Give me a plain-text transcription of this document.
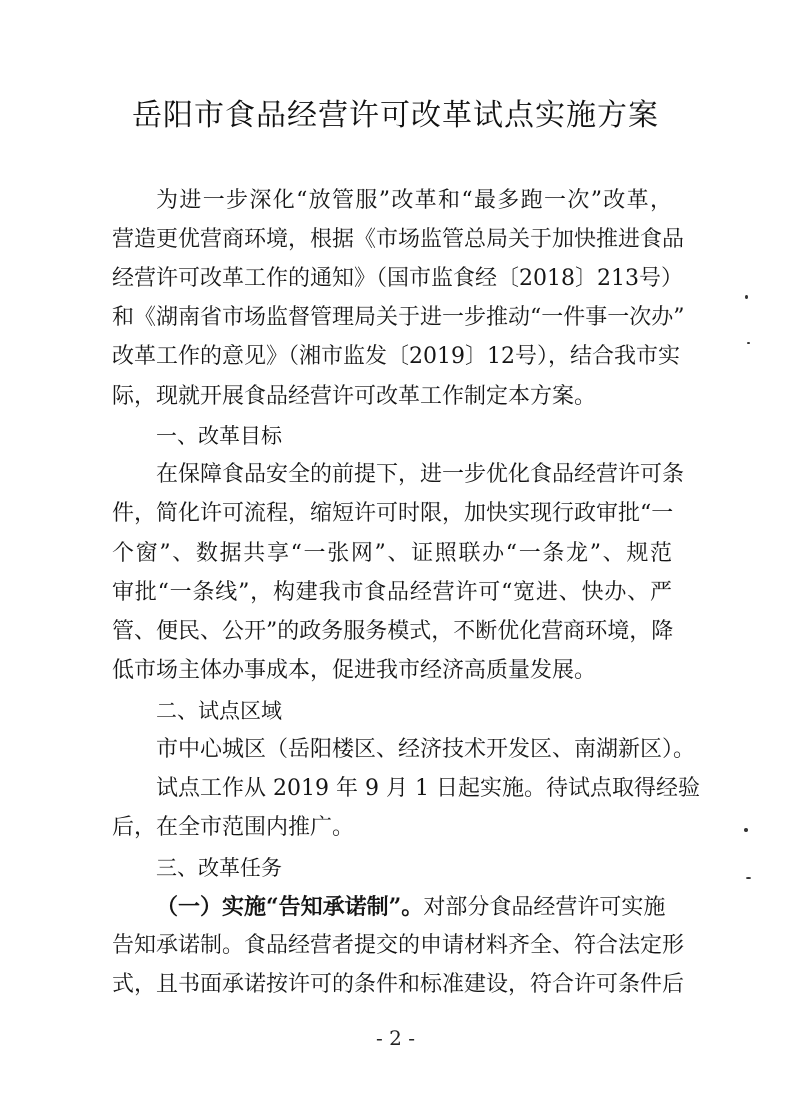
岳阳市食品经营许可改革试点实施方案
为进一步深化“放管服”改革和“最多跑一次”改革，
营造更优营商环境，根据《市场监管总局关于加快推进食品
经营许可改革工作的通知》（国市监食经〔2018〕213号）
和《湖南省市场监督管理局关于进一步推动“一件事一次办”
改革工作的意见》（湘市监发〔2019〕12号），结合我市实
际，现就开展食品经营许可改革工作制定本方案。
一、改革目标
在保障食品安全的前提下，进一步优化食品经营许可条
件，简化许可流程，缩短许可时限，加快实现行政审批“一
个窗”、数据共享“一张网”、证照联办“一条龙”、规范
审批“一条线”，构建我市食品经营许可“宽进、快办、严
管、便民、公开”的政务服务模式，不断优化营商环境，降
低市场主体办事成本，促进我市经济高质量发展。
二、试点区域
市中心城区（岳阳楼区、经济技术开发区、南湖新区）。
试点工作从 2019 年 9 月 1 日起实施。待试点取得经验
后，在全市范围内推广。
三、改革任务
（一）实施“告知承诺制”。对部分食品经营许可实施
告知承诺制。食品经营者提交的申请材料齐全、符合法定形
式，且书面承诺按许可的条件和标准建设，符合许可条件后
- 2 -
